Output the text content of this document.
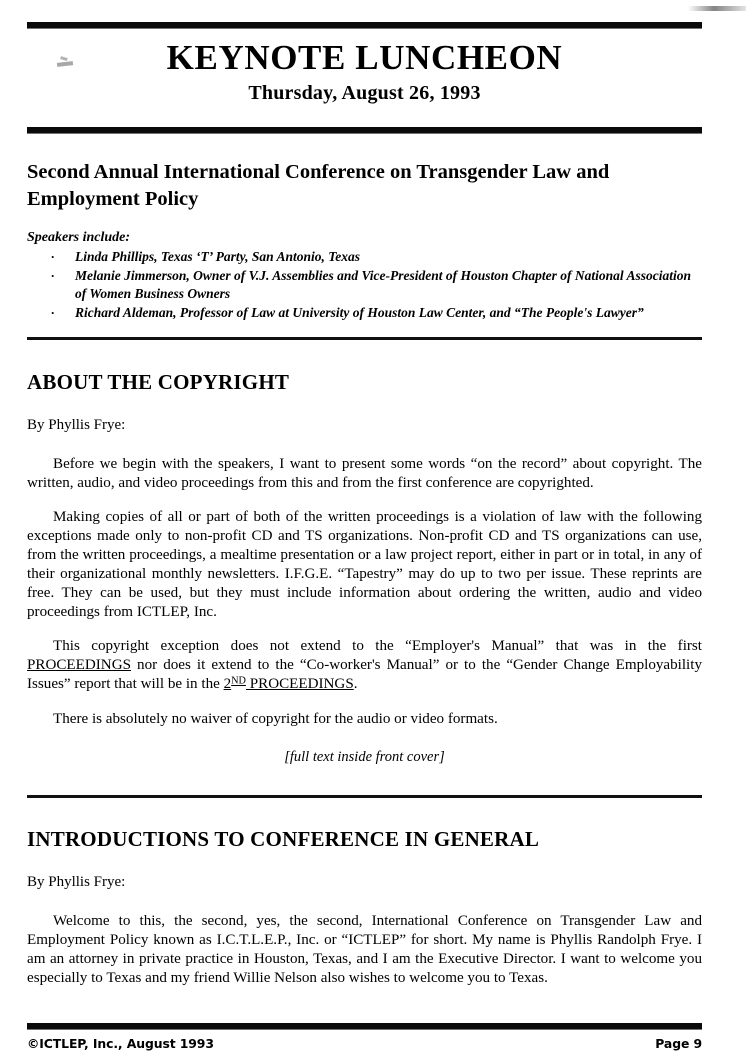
KEYNOTE LUNCHEON

Thursday, August 26, 1993

Second Annual International Conference on Transgender Law and
Employment Policy

Speakers include:

· Linda Phillips, Texas ‘T’ Party, San Antonio, Texas
· Melanie Jimmerson, Owner of V.J. Assemblies and Vice-President of Houston Chapter of National Association of Women Business Owners
· Richard Aldeman, Professor of Law at University of Houston Law Center, and “The People's Lawyer”
ABOUT THE COPYRIGHT

By Phyllis Frye:

Before we begin with the speakers, I want to present some words “on the record” about copyright. The written, audio, and video proceedings from this and from the first conference are copyrighted.

Making copies of all or part of both of the written proceedings is a violation of law with the following exceptions made only to non-profit CD and TS organizations. Non-profit CD and TS organizations can use, from the written proceedings, a mealtime presentation or a law project report, either in part or in total, in any of their organizational monthly newsletters. I.F.G.E. “Tapestry” may do up to two per issue. These reprints are free. They can be used, but they must include information about ordering the written, audio and video proceedings from ICTLEP, Inc.

This copyright exception does not extend to the “Employer's Manual” that was in the first PROCEEDINGS nor does it extend to the “Co-worker's Manual” or to the “Gender Change Employability Issues” report that will be in the 2ND PROCEEDINGS.

There is absolutely no waiver of copyright for the audio or video formats.

[full text inside front cover]

INTRODUCTIONS TO CONFERENCE IN GENERAL

By Phyllis Frye:

Welcome to this, the second, yes, the second, International Conference on Transgender Law and Employment Policy known as I.C.T.L.E.P., Inc. or “ICTLEP” for short. My name is Phyllis Randolph Frye. I am an attorney in private practice in Houston, Texas, and I am the Executive Director. I want to welcome you especially to Texas and my friend Willie Nelson also wishes to welcome you to Texas.

©ICTLEP, Inc., August 1993	Page 9
